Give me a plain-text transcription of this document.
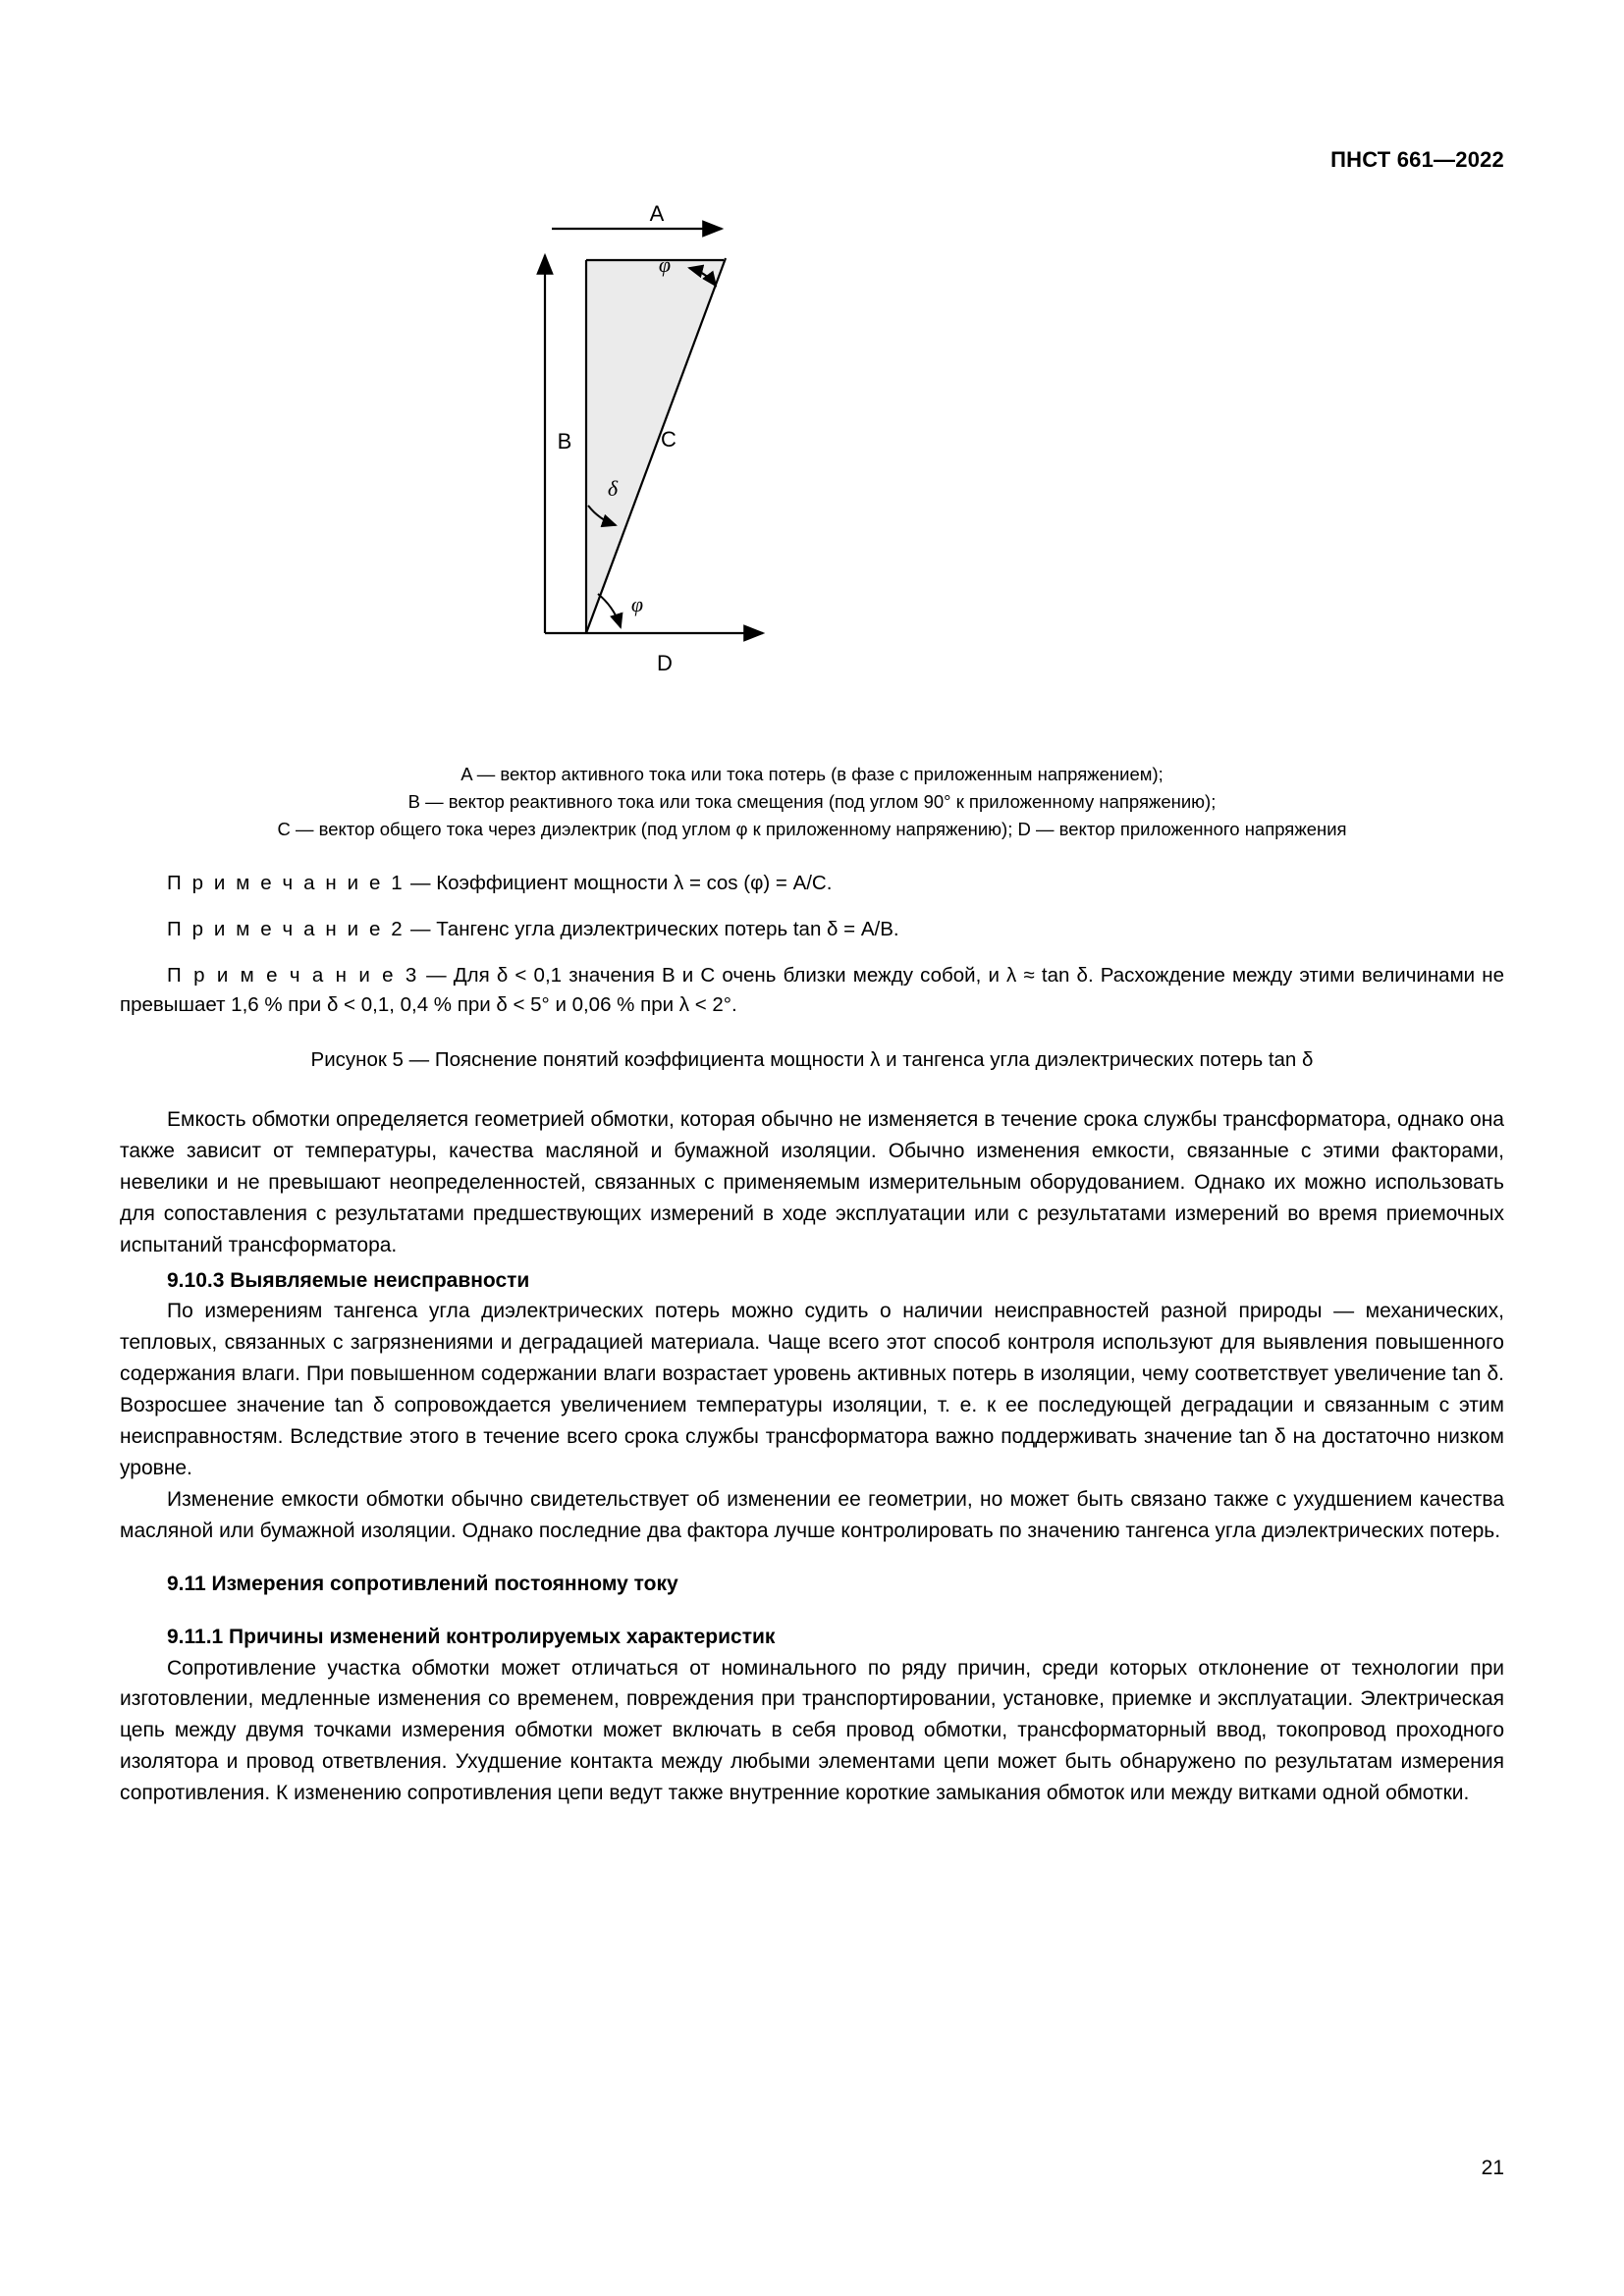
ПНСТ 661—2022
A
B	C
D
φ
φ
δ
A — вектор активного тока или тока потерь (в фазе с приложенным напряжением);
B — вектор реактивного тока или тока смещения (под углом 90° к приложенному напряжению);
C — вектор общего тока через диэлектрик (под углом φ к приложенному напряжению); D — вектор приложенного напряжения
П р и м е ч а н и е 1 — Коэффициент мощности λ = cos (φ) = А/С.
П р и м е ч а н и е 2 — Тангенс угла диэлектрических потерь tan δ = А/В.
П р и м е ч а н и е 3 — Для δ < 0,1 значения В и С очень близки между собой, и λ ≈ tan δ. Расхождение между этими величинами не превышает 1,6 % при δ < 0,1, 0,4 % при δ < 5° и 0,06 % при λ < 2°.
Рисунок 5 — Пояснение понятий коэффициента мощности λ и тангенса угла диэлектрических потерь tan δ

Емкость обмотки определяется геометрией обмотки, которая обычно не изменяется в течение срока службы трансформатора, однако она также зависит от температуры, качества масляной и бумажной изоляции. Обычно изменения емкости, связанные с этими факторами, невелики и не превышают неопределенностей, связанных с применяемым измерительным оборудованием. Однако их можно использовать для сопоставления с результатами предшествующих измерений в ходе эксплуатации или с результатами измерений во время приемочных испытаний трансформатора.

9.10.3 Выявляемые неисправности

По измерениям тангенса угла диэлектрических потерь можно судить о наличии неисправностей разной природы — механических, тепловых, связанных с загрязнениями и деградацией материала. Чаще всего этот способ контроля используют для выявления повышенного содержания влаги. При повышенном содержании влаги возрастает уровень активных потерь в изоляции, чему соответствует увеличение tan δ. Возросшее значение tan δ сопровождается увеличением температуры изоляции, т. е. к ее последующей деградации и связанным с этим неисправностям. Вследствие этого в течение всего срока службы трансформатора важно поддерживать значение tan δ на достаточно низком уровне.

Изменение емкости обмотки обычно свидетельствует об изменении ее геометрии, но может быть связано также с ухудшением качества масляной или бумажной изоляции. Однако последние два фактора лучше контролировать по значению тангенса угла диэлектрических потерь.

9.11 Измерения сопротивлений постоянному току
9.11.1 Причины изменений контролируемых характеристик

Сопротивление участка обмотки может отличаться от номинального по ряду причин, среди которых отклонение от технологии при изготовлении, медленные изменения со временем, повреждения при транспортировании, установке, приемке и эксплуатации. Электрическая цепь между двумя точками измерения обмотки может включать в себя провод обмотки, трансформаторный ввод, токопровод проходного изолятора и провод ответвления. Ухудшение контакта между любыми элементами цепи может быть обнаружено по результатам измерения сопротивления. К изменению сопротивления цепи ведут также внутренние короткие замыкания обмоток или между витками одной обмотки.

21
